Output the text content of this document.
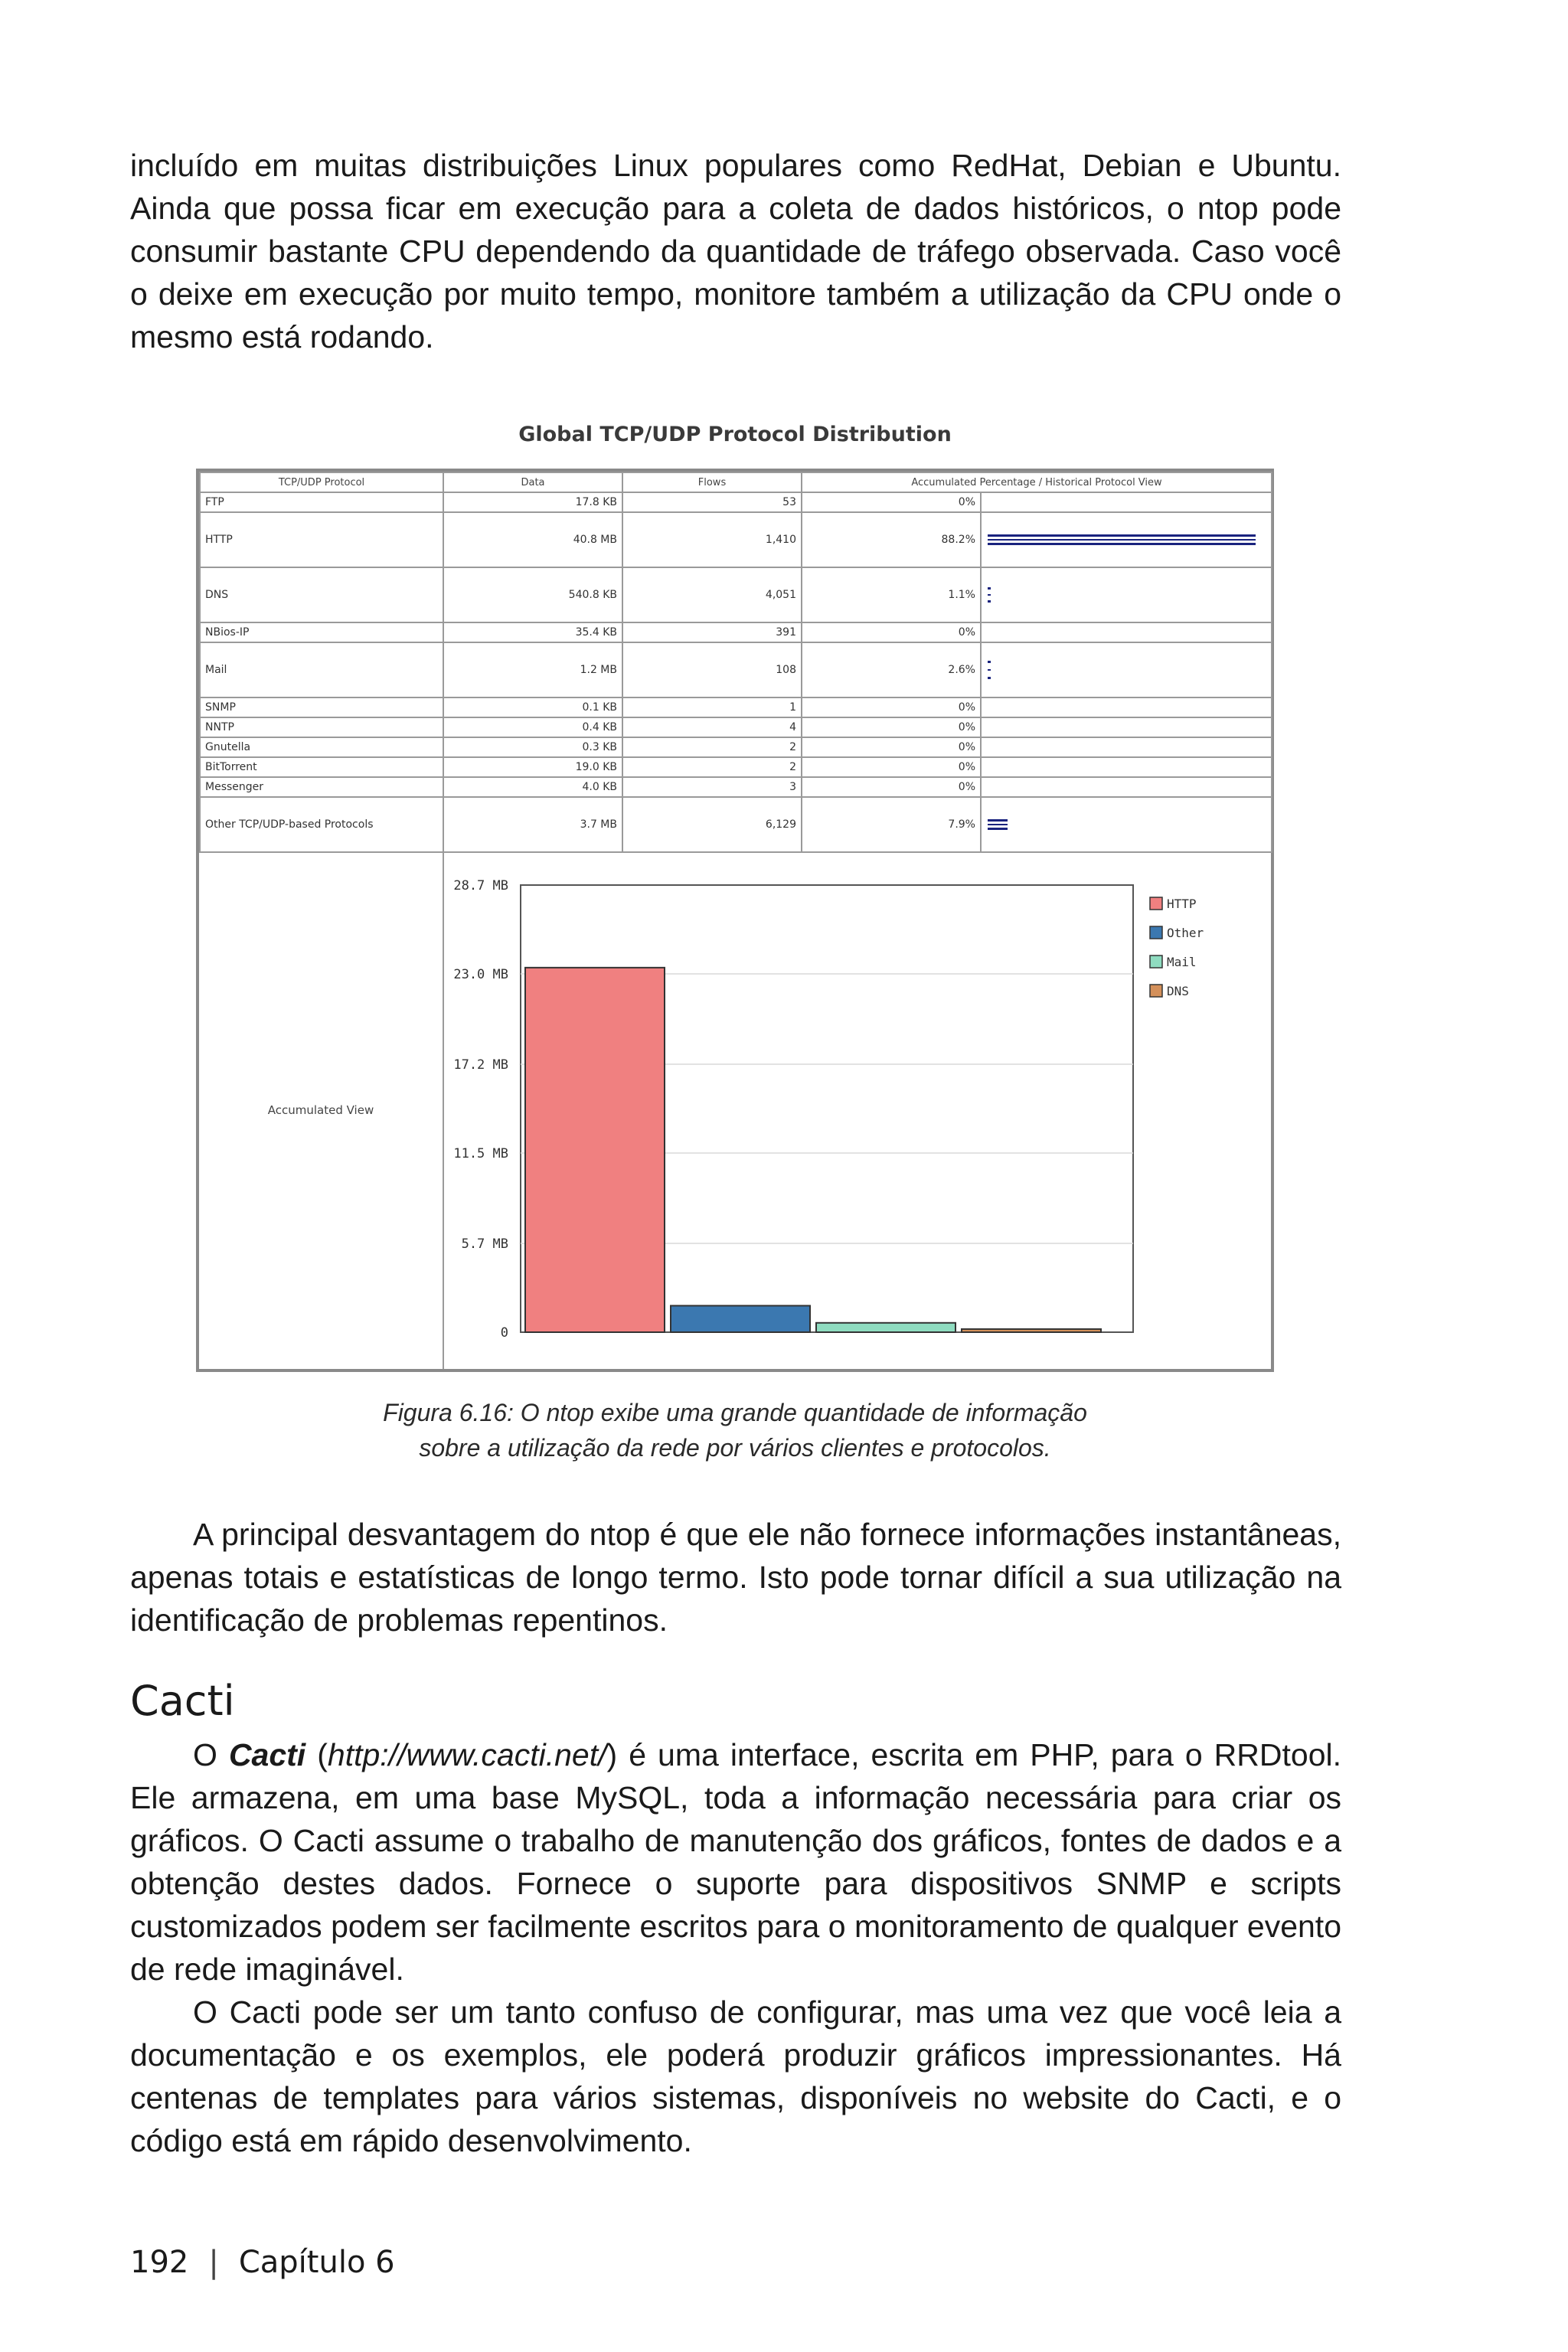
incluído em muitas distribuições Linux populares como RedHat, Debian e Ubuntu. Ainda que possa ficar em execução para a coleta de dados históricos, o ntop pode consumir bastante CPU dependendo da quantidade de tráfego observada. Caso você o deixe em execução por muito tempo, monitore também a utilização da CPU onde o mesmo está rodando.
Global TCP/UDP Protocol Distribution
TCP/UDP Protocol	Data	Flows	Accumulated Percentage / Historical Protocol View	
FTP	17.8 KB	53	0%	
HTTP	40.8 MB	1,410	88.2%	

DNS	540.8 KB	4,051	1.1%	

NBios-IP	35.4 KB	391	0%	
Mail	1.2 MB	108	2.6%	

SNMP	0.1 KB	1	0%	
NNTP	0.4 KB	4	0%	
Gnutella	0.3 KB	2	0%	
BitTorrent	19.0 KB	2	0%	
Messenger	4.0 KB	3	0%	
Other TCP/UDP-based Protocols	3.7 MB	6,129	7.9%	
Accumulated View
28.7 MB
23.0 MB
17.2 MB
11.5 MB
5.7 MB
0
HTTP
Other
Mail
DNS
Figura 6.16: O ntop exibe uma grande quantidade de informação
sobre a utilização da rede por vários clientes e protocolos.
A principal desvantagem do ntop é que ele não fornece informações instantâneas, apenas totais e estatísticas de longo termo. Isto pode tornar difícil a sua utilização na identificação de problemas repentinos.
Cacti
O Cacti (http://www.cacti.net/) é uma interface, escrita em PHP, para o RRDtool. Ele armazena, em uma base MySQL, toda a informação necessária para criar os gráficos. O Cacti assume o trabalho de manutenção dos gráficos, fontes de dados e a obtenção destes dados. Fornece o suporte para dispositivos SNMP e scripts customizados podem ser facilmente escritos para o monitoramento de qualquer evento de rede imaginável.
O Cacti pode ser um tanto confuso de configurar, mas uma vez que você leia a documentação e os exemplos, ele poderá produzir gráficos impressionantes. Há centenas de templates para vários sistemas, disponíveis no website do Cacti, e o código está em rápido desenvolvimento.
192 | Capítulo 6
